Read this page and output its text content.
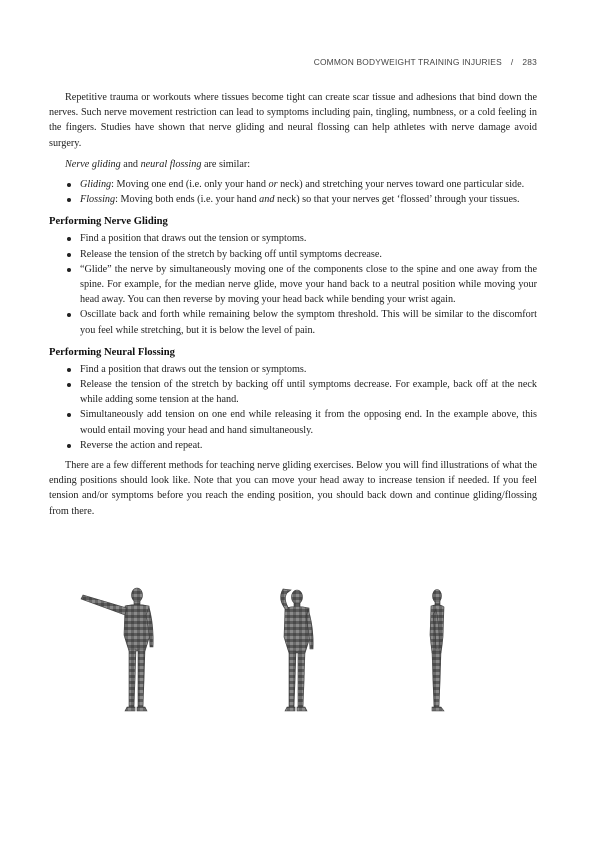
COMMON BODYWEIGHT TRAINING INJURIES / 283

Repetitive trauma or workouts where tissues become tight can create scar tissue and adhesions that bind down the nerves. Such nerve movement restriction can lead to symptoms including pain, tingling, numbness, or a cold feeling in the fingers. Studies have shown that nerve gliding and neural flossing can help athletes with nerve damage avoid surgery.

Nerve gliding and neural flossing are similar:

Gliding: Moving one end (i.e. only your hand or neck) and stretching your nerves toward one particular side.
Flossing: Moving both ends (i.e. your hand and neck) so that your nerves get ‘flossed’ through your tissues.
Performing Nerve Gliding
Find a position that draws out the tension or symptoms.
Release the tension of the stretch by backing off until symptoms decrease.
“Glide” the nerve by simultaneously moving one of the components close to the spine and one away from the spine. For example, for the median nerve glide, move your hand back to a neutral position while moving your head away. You can then reverse by moving your head back while bending your wrist again.
Oscillate back and forth while remaining below the symptom threshold. This will be similar to the discomfort you feel while stretching, but it is below the level of pain.
Performing Neural Flossing
Find a position that draws out the tension or symptoms.
Release the tension of the stretch by backing off until symptoms decrease. For example, back off at the neck while adding some tension at the hand.
Simultaneously add tension on one end while releasing it from the opposing end. In the example above, this would entail moving your head and hand simultaneously.
Reverse the action and repeat.

There are a few different methods for teaching nerve gliding exercises. Below you will find illustrations of what the ending positions should look like. Note that you can move your head away to increase tension if needed. If you feel tension and/or symptoms before you reach the ending position, you should back down and continue gliding/flossing from there.
